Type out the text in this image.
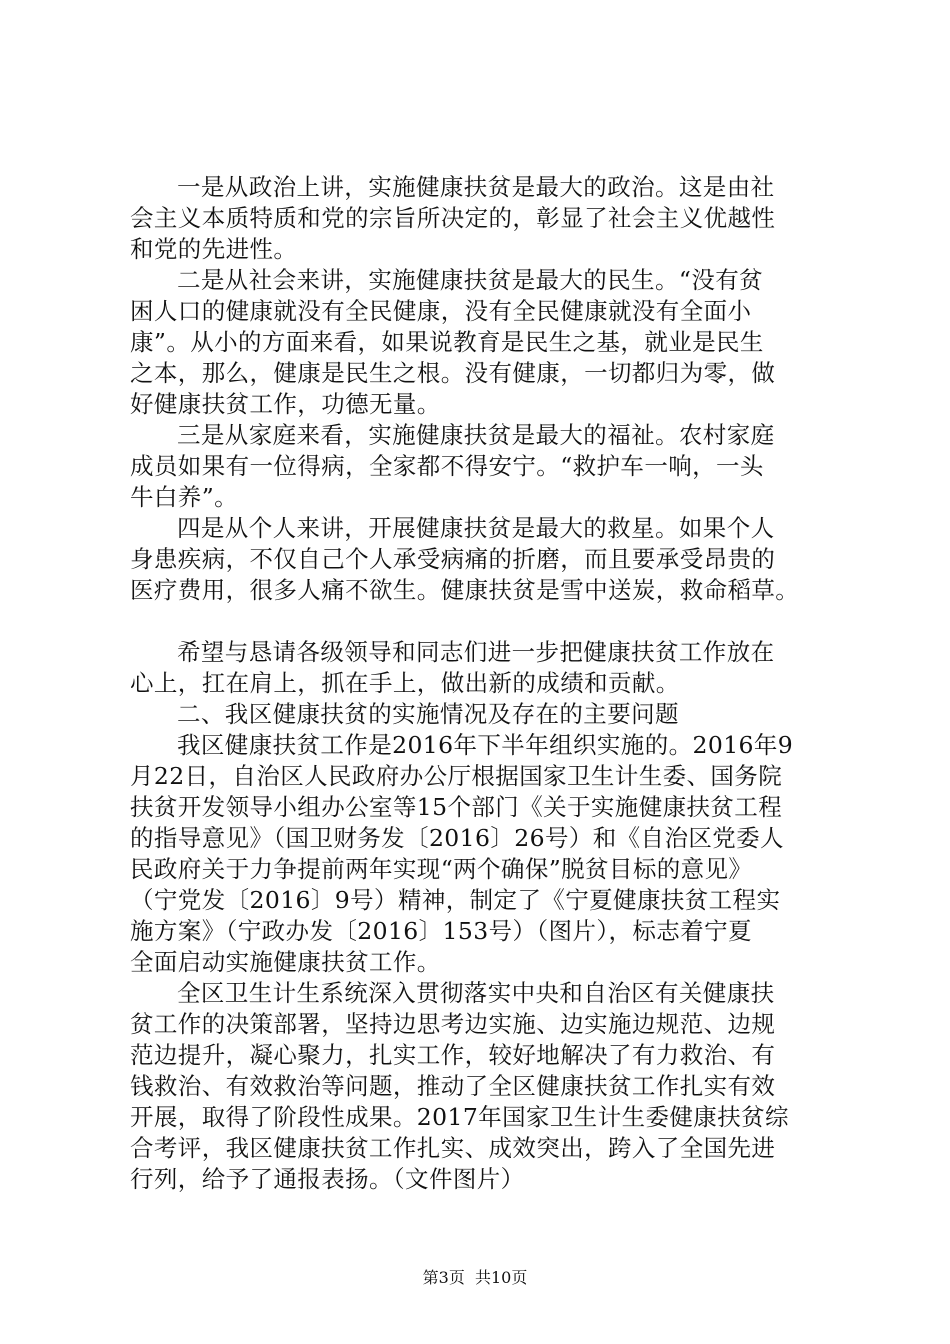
一是从政治上讲，实施健康扶贫是最大的政治。这是由社
会主义本质特质和党的宗旨所决定的，彰显了社会主义优越性
和党的先进性。
二是从社会来讲，实施健康扶贫是最大的民生。“没有贫
困人口的健康就没有全民健康，没有全民健康就没有全面小
康”。从小的方面来看，如果说教育是民生之基，就业是民生
之本，那么，健康是民生之根。没有健康，一切都归为零，做
好健康扶贫工作，功德无量。
三是从家庭来看，实施健康扶贫是最大的福祉。农村家庭
成员如果有一位得病，全家都不得安宁。“救护车一响，一头
牛白养”。
四是从个人来讲，开展健康扶贫是最大的救星。如果个人
身患疾病，不仅自己个人承受病痛的折磨，而且要承受昂贵的
医疗费用，很多人痛不欲生。健康扶贫是雪中送炭，救命稻草。
希望与恳请各级领导和同志们进一步把健康扶贫工作放在
心上，扛在肩上，抓在手上，做出新的成绩和贡献。
二、我区健康扶贫的实施情况及存在的主要问题
我区健康扶贫工作是2016年下半年组织实施的。2016年9
月22日，自治区人民政府办公厅根据国家卫生计生委、国务院
扶贫开发领导小组办公室等15个部门《关于实施健康扶贫工程
的指导意见》（国卫财务发〔2016〕26号）和《自治区党委人
民政府关于力争提前两年实现“两个确保”脱贫目标的意见》
（宁党发〔2016〕9号）精神，制定了《宁夏健康扶贫工程实
施方案》（宁政办发〔2016〕153号）（图片），标志着宁夏
全面启动实施健康扶贫工作。
全区卫生计生系统深入贯彻落实中央和自治区有关健康扶
贫工作的决策部署，坚持边思考边实施、边实施边规范、边规
范边提升，凝心聚力，扎实工作，较好地解决了有力救治、有
钱救治、有效救治等问题，推动了全区健康扶贫工作扎实有效
开展，取得了阶段性成果。2017年国家卫生计生委健康扶贫综
合考评，我区健康扶贫工作扎实、成效突出，跨入了全国先进
行列，给予了通报表扬。（文件图片）
第3页  共10页
